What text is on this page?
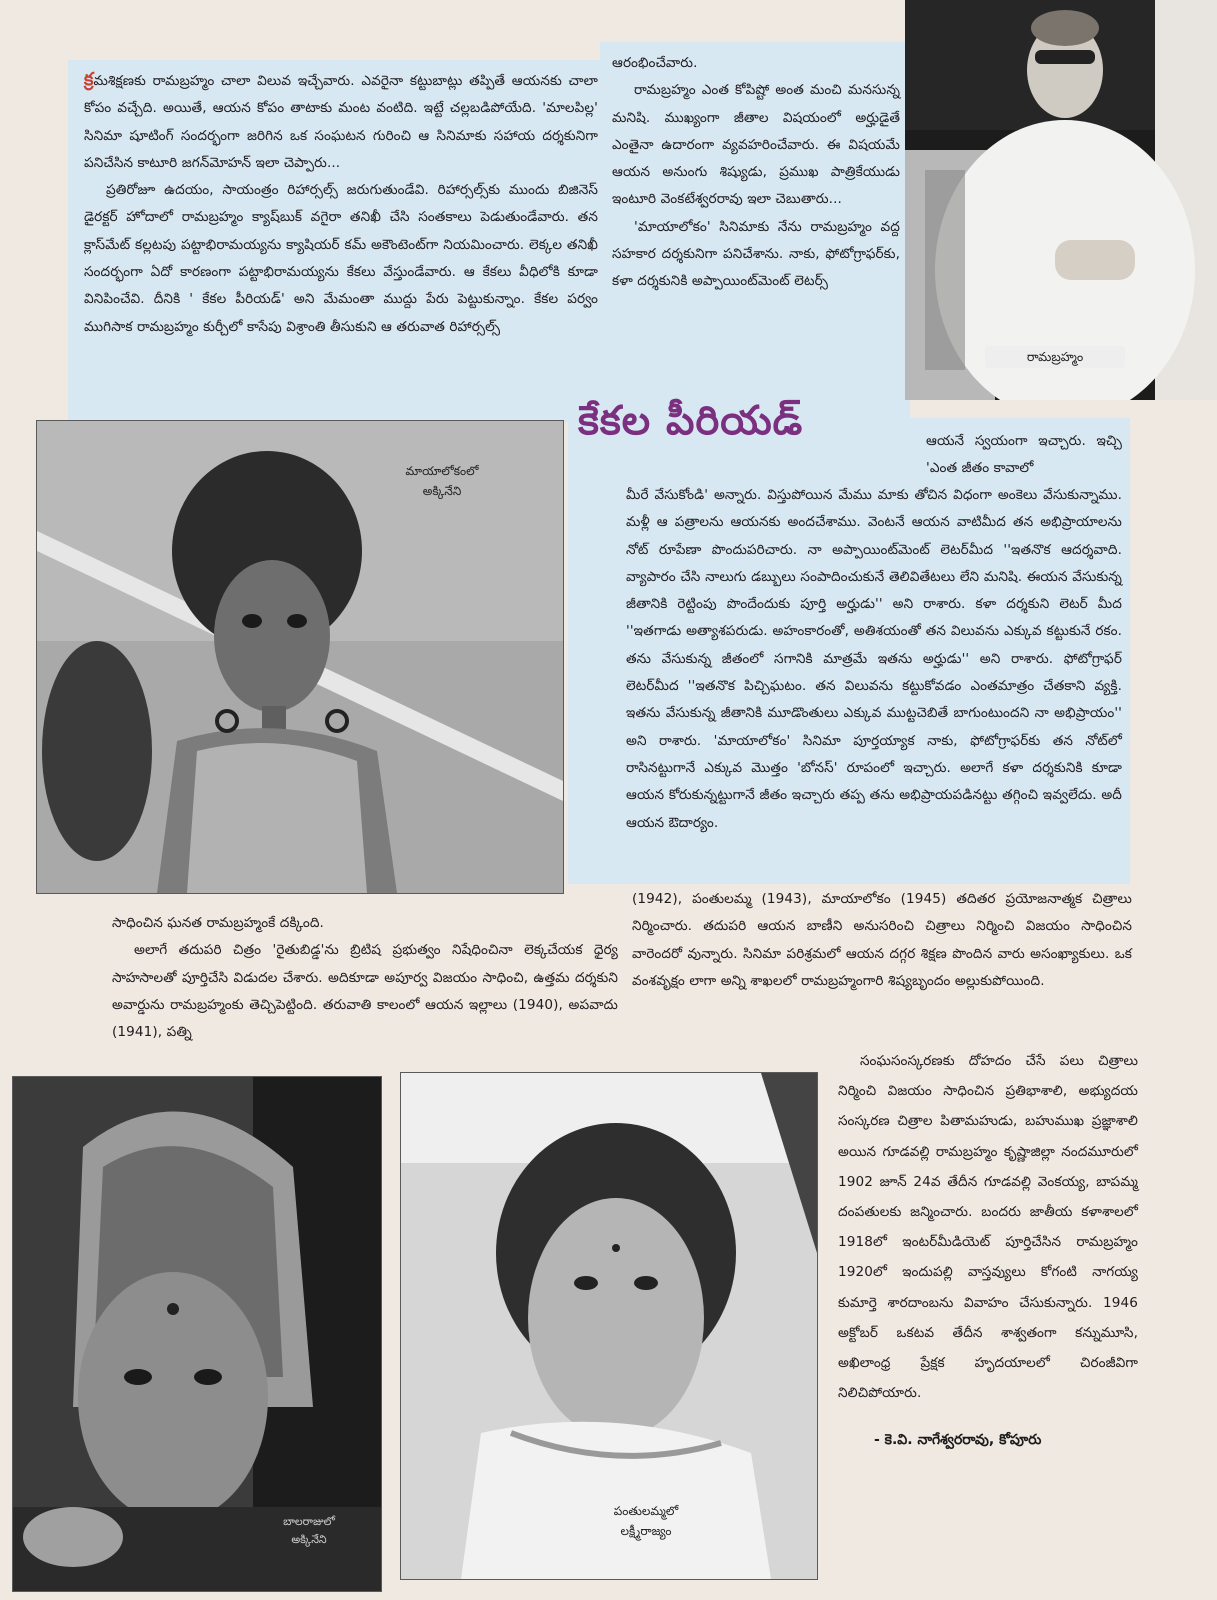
క్రమశిక్షణకు రామబ్రహ్మం చాలా విలువ ఇచ్చేవారు. ఎవరైనా కట్టుబాట్లు తప్పితే ఆయనకు చాలా కోపం వచ్చేది. అయితే, ఆయన కోపం తాటాకు మంట వంటిది. ఇట్టే చల్లబడిపోయేది. 'మాలపిల్ల' సినిమా షూటింగ్ సందర్భంగా జరిగిన ఒక సంఘటన గురించి ఆ సినిమాకు సహాయ దర్శకునిగా పనిచేసిన కాటూరి జగన్‌మోహన్ ఇలా చెప్పారు...

ప్రతిరోజూ ఉదయం, సాయంత్రం రిహార్సల్స్ జరుగుతుండేవి. రిహార్సల్స్‌కు ముందు బిజినెస్ డైరక్టర్ హోదాలో రామబ్రహ్మం క్యాష్‌బుక్ వగైరా తనిఖీ చేసి సంతకాలు పెడుతుండేవారు. తన క్లాస్‌మేట్ కల్లటపు పట్టాభిరామయ్యను క్యాషియర్ కమ్ అకౌంటెంట్‌గా నియమించారు. లెక్కల తనిఖీ సందర్భంగా ఏదో కారణంగా పట్టాభిరామయ్యను కేకలు వేస్తుండేవారు. ఆ కేకలు వీధిలోకి కూడా వినిపించేవి. దీనికి ' కేకల పీరియడ్' అని మేమంతా ముద్దు పేరు పెట్టుకున్నాం. కేకల పర్వం ముగిసాక రామబ్రహ్మం కుర్చీలో కాసేపు విశ్రాంతి తీసుకుని ఆ తరువాత రిహార్సల్స్

ఆరంభించేవారు.

రామబ్రహ్మం ఎంత కోపిష్టో అంత మంచి మనసున్న మనిషి. ముఖ్యంగా జీతాల విషయంలో అర్హుడైతే ఎంతైనా ఉదారంగా వ్యవహరించేవారు. ఈ విషయమే ఆయన అనుంగు శిష్యుడు, ప్రముఖ పాత్రికేయుడు ఇంటూరి వెంకటేశ్వరరావు ఇలా చెబుతారు...

'మాయాలోకం' సినిమాకు నేను రామబ్రహ్మం వద్ద సహకార దర్శకునిగా పనిచేశాను. నాకు, ఫోటోగ్రాఫర్‌కు, కళా దర్శకునికి అప్పాయింట్‌మెంట్ లెటర్స్

రామబ్రహ్మం
కేకల పీరియడ్
మాయాలోకంలో
అక్కినేని

ఆయనే స్వయంగా ఇచ్చారు. ఇచ్చి 'ఎంత జీతం కావాలో

మీరే వేసుకోండి' అన్నారు. విస్తుపోయిన మేము మాకు తోచిన విధంగా అంకెలు వేసుకున్నాము. మళ్లీ ఆ పత్రాలను ఆయనకు అందచేశాము. వెంటనే ఆయన వాటిమీద తన అభిప్రాయాలను నోట్ రూపేణా పొందుపరిచారు. నా అప్పాయింట్‌మెంట్ లెటర్‌మీద ''ఇతనొక ఆదర్శవాది. వ్యాపారం చేసి నాలుగు డబ్బులు సంపాదించుకునే తెలివితేటలు లేని మనిషి. ఈయన వేసుకున్న జీతానికి రెట్టింపు పొందేందుకు పూర్తి అర్హుడు'' అని రాశారు. కళా దర్శకుని లెటర్ మీద ''ఇతగాడు అత్యాశపరుడు. అహంకారంతో, అతిశయంతో తన విలువను ఎక్కువ కట్టుకునే రకం. తను వేసుకున్న జీతంలో సగానికి మాత్రమే ఇతను అర్హుడు'' అని రాశారు. ఫోటోగ్రాఫర్ లెటర్‌మీద ''ఇతనొక పిచ్చిఘటం. తన విలువను కట్టుకోవడం ఎంతమాత్రం చేతకాని వ్యక్తి. ఇతను వేసుకున్న జీతానికి మూడొంతులు ఎక్కువ ముట్టచెబితే బాగుంటుందని నా అభిప్రాయం'' అని రాశారు. 'మాయాలోకం' సినిమా పూర్తయ్యాక నాకు, ఫోటోగ్రాఫర్‌కు తన నోట్‌లో రాసినట్టుగానే ఎక్కువ మొత్తం 'బోనస్' రూపంలో ఇచ్చారు. అలాగే కళా దర్శకునికి కూడా ఆయన కోరుకున్నట్టుగానే జీతం ఇచ్చారు తప్ప తను అభిప్రాయపడినట్టు తగ్గించి ఇవ్వలేదు. అదీ ఆయన ఔదార్యం.

సాధించిన ఘనత రామబ్రహ్మంకే దక్కింది.

అలాగే తదుపరి చిత్రం 'రైతుబిడ్డ'ను బ్రిటిష ప్రభుత్వం నిషేధించినా లెక్కచేయక ధైర్య సాహసాలతో పూర్తిచేసి విడుదల చేశారు. అదికూడా అపూర్వ విజయం సాధించి, ఉత్తమ దర్శకుని అవార్డును రామబ్రహ్మంకు తెచ్చిపెట్టింది. తరువాతి కాలంలో ఆయన ఇల్లాలు (1940), అపవాదు (1941), పత్ని

(1942), పంతులమ్మ (1943), మాయాలోకం (1945) తదితర ప్రయోజనాత్మక చిత్రాలు నిర్మించారు. తదుపరి ఆయన బాణీని అనుసరించి చిత్రాలు నిర్మించి విజయం సాధించిన వారెందరో వున్నారు. సినిమా పరిశ్రమలో ఆయన దగ్గర శిక్షణ పొందిన వారు అసంఖ్యాకులు. ఒక వంశవృక్షం లాగా అన్ని శాఖలలో రామబ్రహ్మంగారి శిష్యబృందం అల్లుకుపోయింది.

బాలరాజులో
అక్కినేని
పంతులమ్మలో
లక్ష్మీరాజ్యం

సంఘసంస్కరణకు దోహదం చేసే పలు చిత్రాలు నిర్మించి విజయం సాధించిన ప్రతిభాశాలి, అభ్యుదయ సంస్కరణ చిత్రాల పితామహుడు, బహుముఖ ప్రజ్ఞాశాలి అయిన గూడవల్లి రామబ్రహ్మం కృష్ణాజిల్లా నందమూరులో 1902 జూన్ 24వ తేదీన గూడవల్లి వెంకయ్య, బాపమ్మ దంపతులకు జన్మించారు. బందరు జాతీయ కళాశాలలో 1918లో ఇంటర్‌మీడియెట్ పూర్తిచేసిన రామబ్రహ్మం 1920లో ఇందుపల్లి వాస్తవ్యులు కోగంటి నాగయ్య కుమార్తె శారదాంబను వివాహం చేసుకున్నారు. 1946 అక్టోబర్ ఒకటవ తేదీన శాశ్వతంగా కన్నుమూసి, అఖిలాంధ్ర ప్రేక్షక హృదయాలలో చిరంజీవిగా నిలిచిపోయారు.

- కె.వి. నాగేశ్వరరావు, కోపూరు
